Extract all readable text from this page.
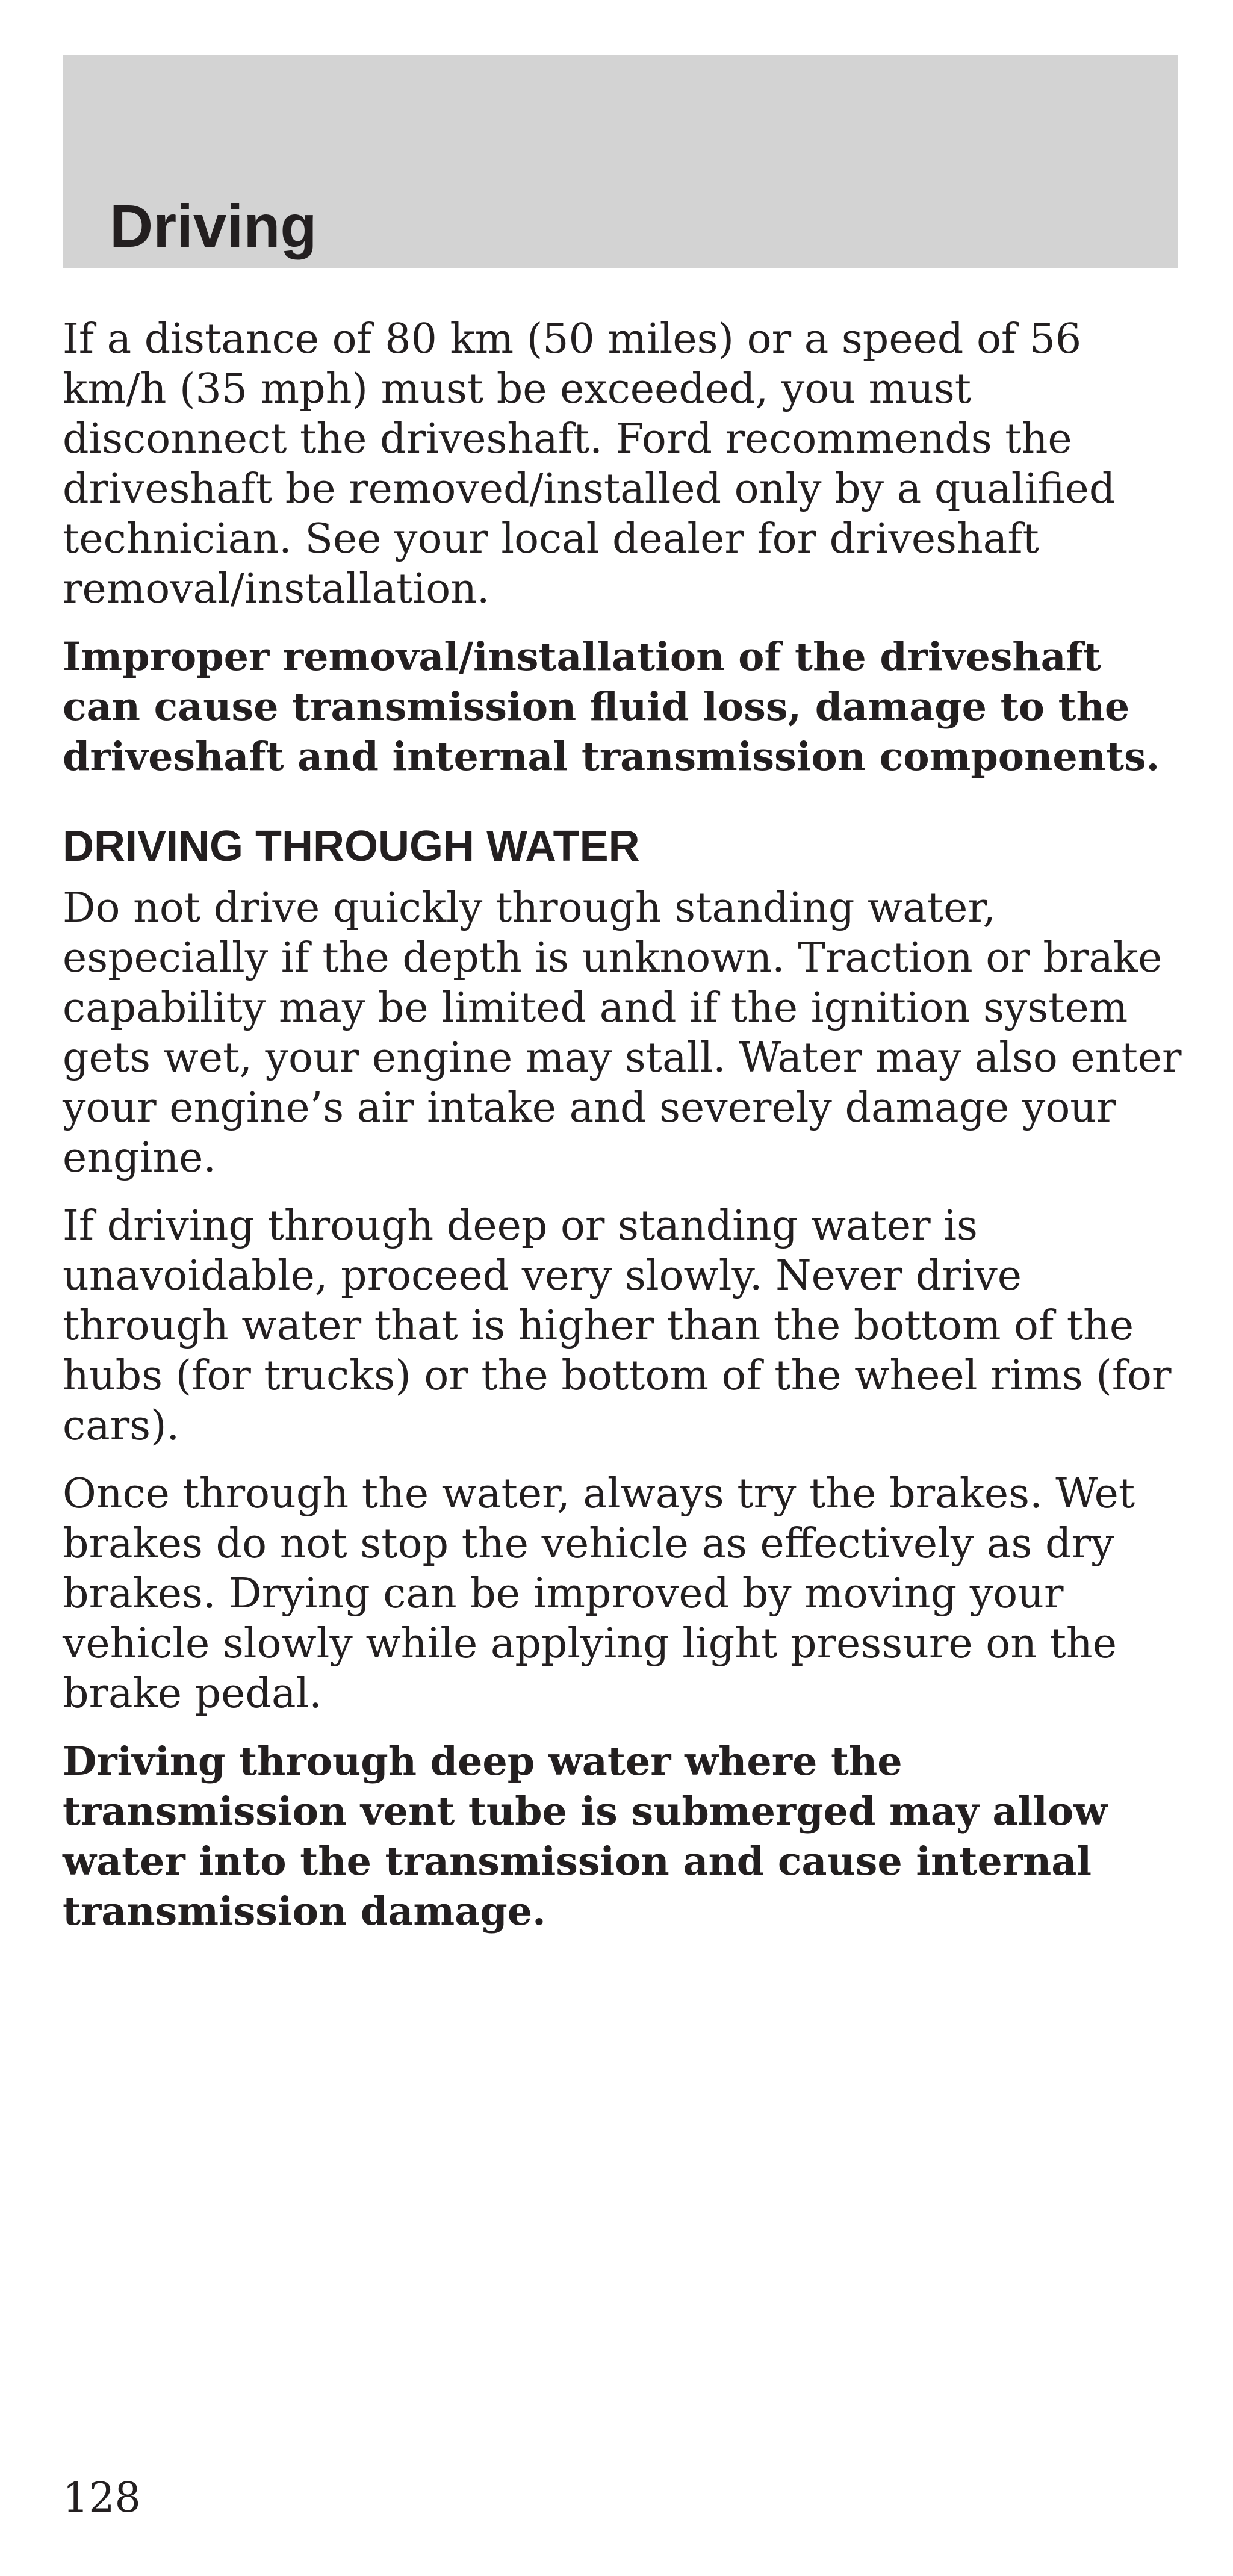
Driving

If a distance of 80 km (50 miles) or a speed of 56 km/h (35 mph) must be exceeded, you must disconnect the driveshaft. Ford recommends the driveshaft be removed/installed only by a qualified technician. See your local dealer for driveshaft removal/installation.

Improper removal/installation of the driveshaft can cause transmission fluid loss, damage to the driveshaft and internal transmission components.

DRIVING THROUGH WATER

Do not drive quickly through standing water, especially if the depth is unknown. Traction or brake capability may be limited and if the ignition system gets wet, your engine may stall. Water may also enter your engine’s air intake and severely damage your engine.

If driving through deep or standing water is unavoidable, proceed very slowly. Never drive through water that is higher than the bottom of the hubs (for trucks) or the bottom of the wheel rims (for cars).

Once through the water, always try the brakes. Wet brakes do not stop the vehicle as effectively as dry brakes. Drying can be improved by moving your vehicle slowly while applying light pressure on the brake pedal.

Driving through deep water where the transmission vent tube is submerged may allow water into the transmission and cause internal transmission damage.

128
